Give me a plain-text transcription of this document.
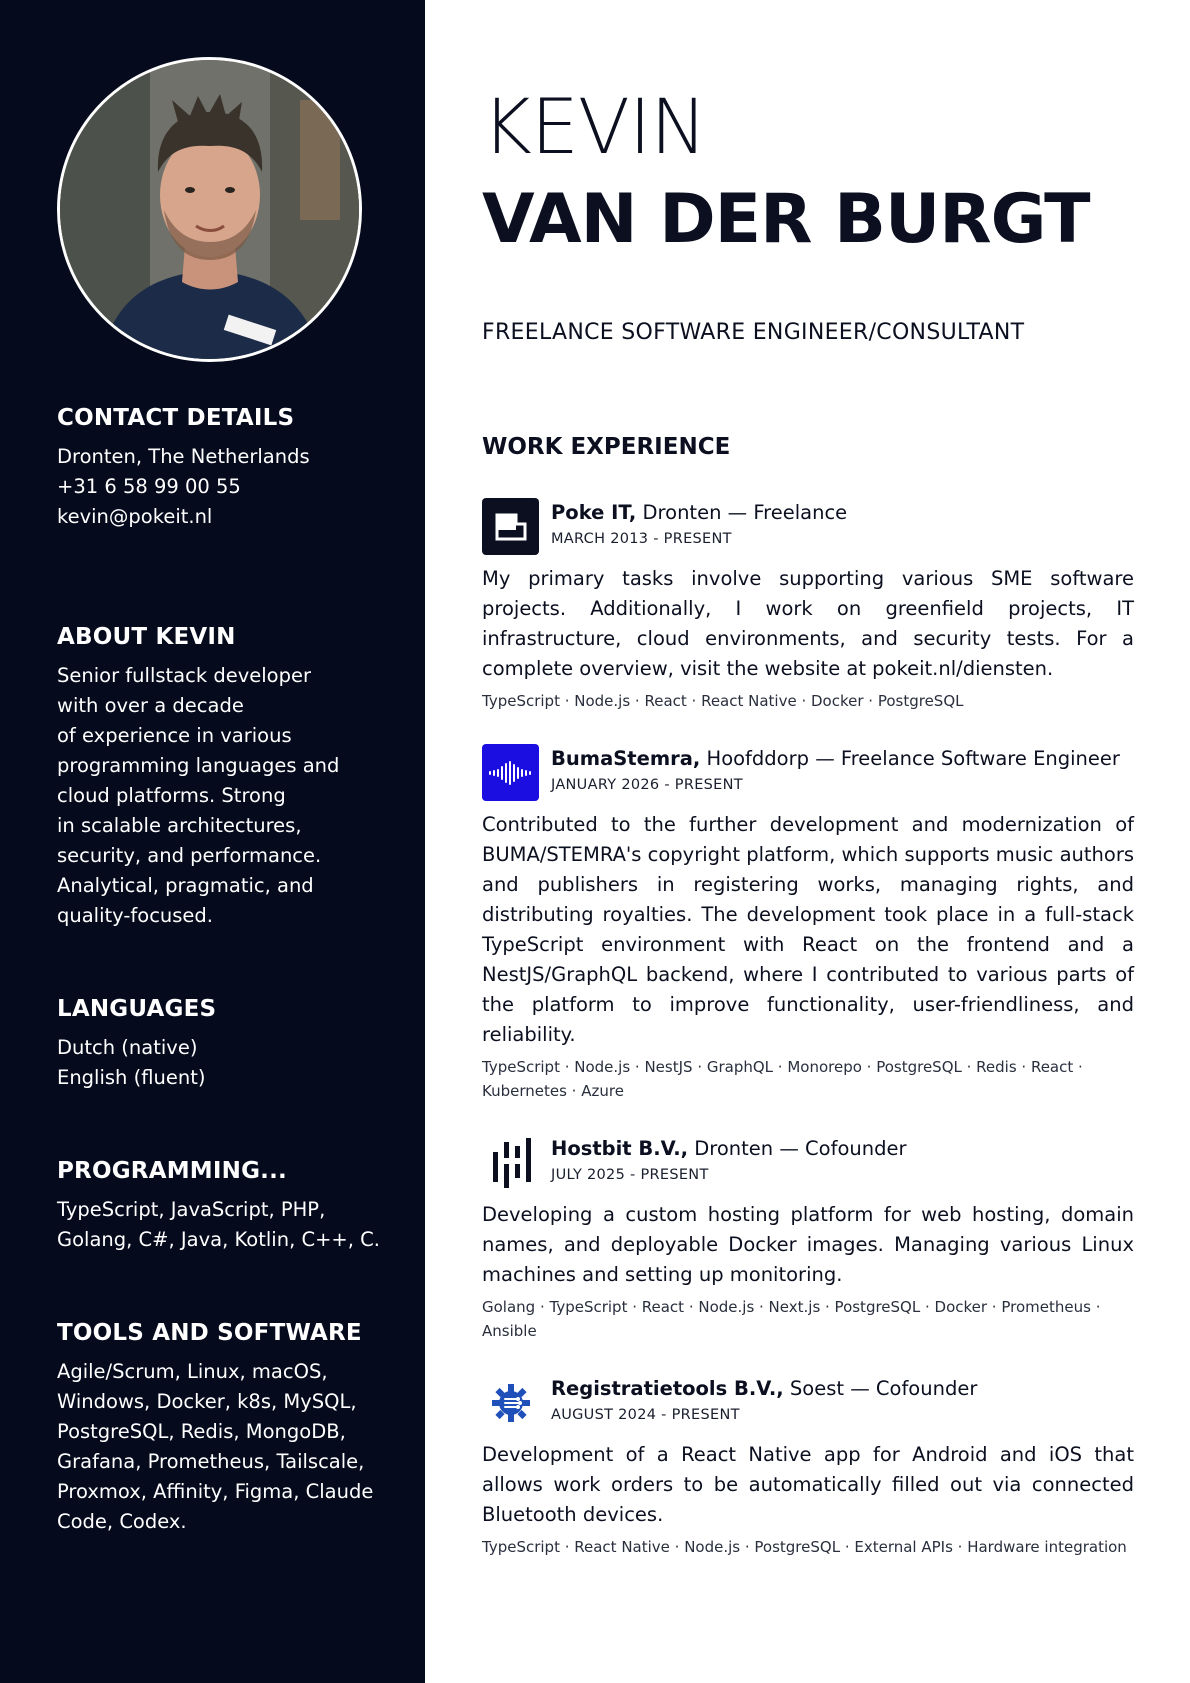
CONTACT DETAILS
Dronten, The Netherlands
+31 6 58 99 00 55
kevin@pokeit.nl
ABOUT KEVIN
Senior fullstack developer
with over a decade
of experience in various
programming languages and
cloud platforms. Strong
in scalable architectures,
security, and performance.
Analytical, pragmatic, and
quality-focused.
LANGUAGES
Dutch (native)
English (fluent)
PROGRAMMING...
TypeScript, JavaScript, PHP,
Golang, C#, Java, Kotlin, C++, C.
TOOLS AND SOFTWARE
Agile/Scrum, Linux, macOS,
Windows, Docker, k8s, MySQL,
PostgreSQL, Redis, MongoDB,
Grafana, Prometheus, Tailscale,
Proxmox, Affinity, Figma, Claude
Code, Codex.
KEVIN
VAN DER BURGT
FREELANCE SOFTWARE ENGINEER/CONSULTANT
WORK EXPERIENCE
Poke IT, Dronten — Freelance
MARCH 2013 - PRESENT
My primary tasks involve supporting various SME software projects. Additionally, I work on greenfield projects, IT infrastructure, cloud environments, and security tests. For a complete overview, visit the website at pokeit.nl/diensten.
TypeScript · Node.js · React · React Native · Docker · PostgreSQL
BumaStemra, Hoofddorp — Freelance Software Engineer
JANUARY 2026 - PRESENT
Contributed to the further development and modernization of BUMA/STEMRA's copyright platform, which supports music authors and publishers in registering works, managing rights, and distributing royalties. The development took place in a full-stack TypeScript environment with React on the frontend and a NestJS/GraphQL backend, where I contributed to various parts of the platform to improve functionality, user-friendliness, and reliability.
TypeScript · Node.js · NestJS · GraphQL · Monorepo · PostgreSQL · Redis · React · Kubernetes · Azure
Hostbit B.V., Dronten — Cofounder
JULY 2025 - PRESENT
Developing a custom hosting platform for web hosting, domain names, and deployable Docker images. Managing various Linux machines and setting up monitoring.
Golang · TypeScript · React · Node.js · Next.js · PostgreSQL · Docker · Prometheus · Ansible
Registratietools B.V., Soest — Cofounder
AUGUST 2024 - PRESENT
Development of a React Native app for Android and iOS that allows work orders to be automatically filled out via connected Bluetooth devices.
TypeScript · React Native · Node.js · PostgreSQL · External APIs · Hardware integration
